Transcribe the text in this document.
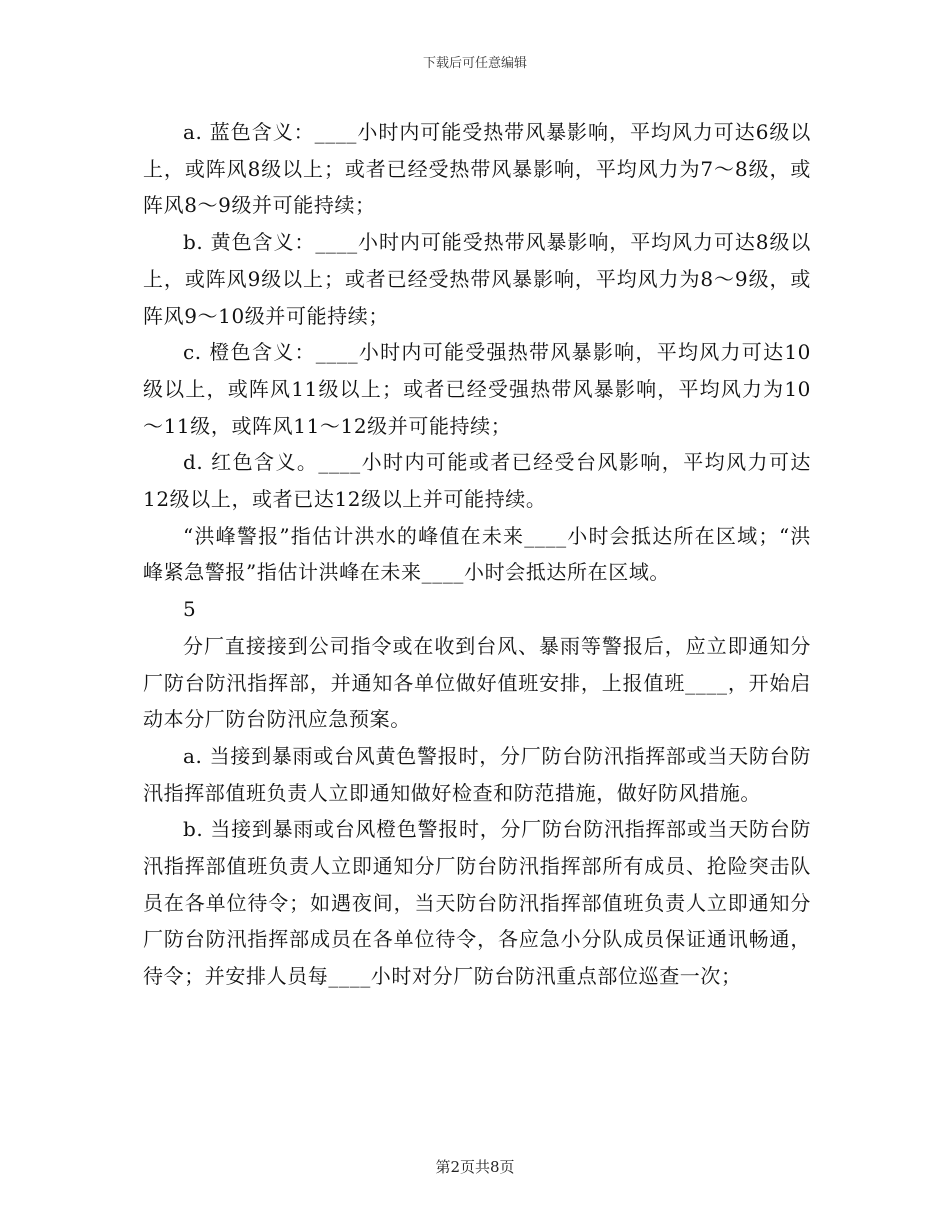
下载后可任意编辑

a. 蓝色含义：____小时内可能受热带风暴影响，平均风力可达6级以上，或阵风8级以上；或者已经受热带风暴影响，平均风力为7～8级，或阵风8～9级并可能持续；

b. 黄色含义：____小时内可能受热带风暴影响，平均风力可达8级以上，或阵风9级以上；或者已经受热带风暴影响，平均风力为8～9级，或阵风9～10级并可能持续；

c. 橙色含义：____小时内可能受强热带风暴影响，平均风力可达10级以上，或阵风11级以上；或者已经受强热带风暴影响，平均风力为10～11级，或阵风11～12级并可能持续；

d. 红色含义。____小时内可能或者已经受台风影响，平均风力可达12级以上，或者已达12级以上并可能持续。

“洪峰警报”指估计洪水的峰值在未来____小时会抵达所在区域；“洪峰紧急警报”指估计洪峰在未来____小时会抵达所在区域。

5

分厂直接接到公司指令或在收到台风、暴雨等警报后，应立即通知分厂防台防汛指挥部，并通知各单位做好值班安排，上报值班____，开始启动本分厂防台防汛应急预案。

a. 当接到暴雨或台风黄色警报时，分厂防台防汛指挥部或当天防台防汛指挥部值班负责人立即通知做好检查和防范措施，做好防风措施。

b. 当接到暴雨或台风橙色警报时，分厂防台防汛指挥部或当天防台防汛指挥部值班负责人立即通知分厂防台防汛指挥部所有成员、抢险突击队员在各单位待令；如遇夜间，当天防台防汛指挥部值班负责人立即通知分厂防台防汛指挥部成员在各单位待令，各应急小分队成员保证通讯畅通，待令；并安排人员每____小时对分厂防台防汛重点部位巡查一次；

第2页共8页
